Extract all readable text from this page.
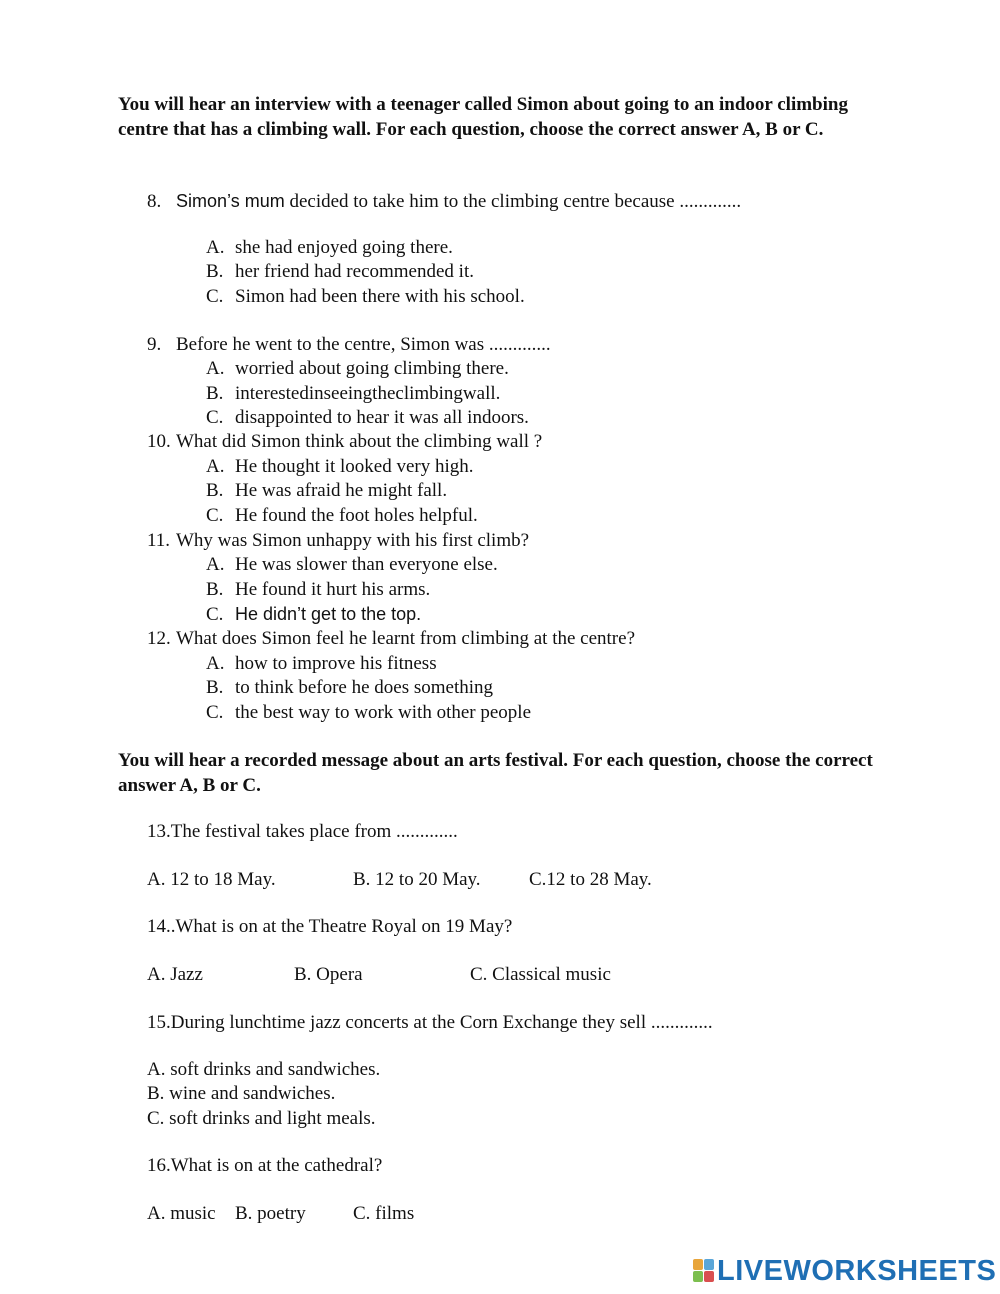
You will hear an interview with a teenager called Simon about going to an indoor climbing centre that has a climbing wall. For each question, choose the correct answer A, B or C.
8. Simon’s mum decided to take him to the climbing centre because .............
A. she had enjoyed going there.
B. her friend had recommended it.
C. Simon had been there with his school.
9. Before he went to the centre, Simon was .............
A. worried about going climbing there.
B. interestedinseeingtheclimbingwall.
C. disappointed to hear it was all indoors.
10. What did Simon think about the climbing wall ?
A. He thought it looked very high.
B. He was afraid he might fall.
C. He found the foot holes helpful.
11. Why was Simon unhappy with his first climb?
A. He was slower than everyone else.
B. He found it hurt his arms.
C. He didn’t get to the top.
12. What does Simon feel he learnt from climbing at the centre?
A. how to improve his fitness
B. to think before he does something
C. the best way to work with other people
You will hear a recorded message about an arts festival. For each question, choose the correct answer A, B or C.
13.The festival takes place from .............
A. 12 to 18 May.	B. 12 to 20 May.	C.12 to 28 May.
14..What is on at the Theatre Royal on 19 May?
A. Jazz	B. Opera	C. Classical music
15.During lunchtime jazz concerts at the Corn Exchange they sell .............
A. soft drinks and sandwiches.
B. wine and sandwiches.
C. soft drinks and light meals.
16.What is on at the cathedral?
A. music B. poetry C. films
LIVEWORKSHEETS
